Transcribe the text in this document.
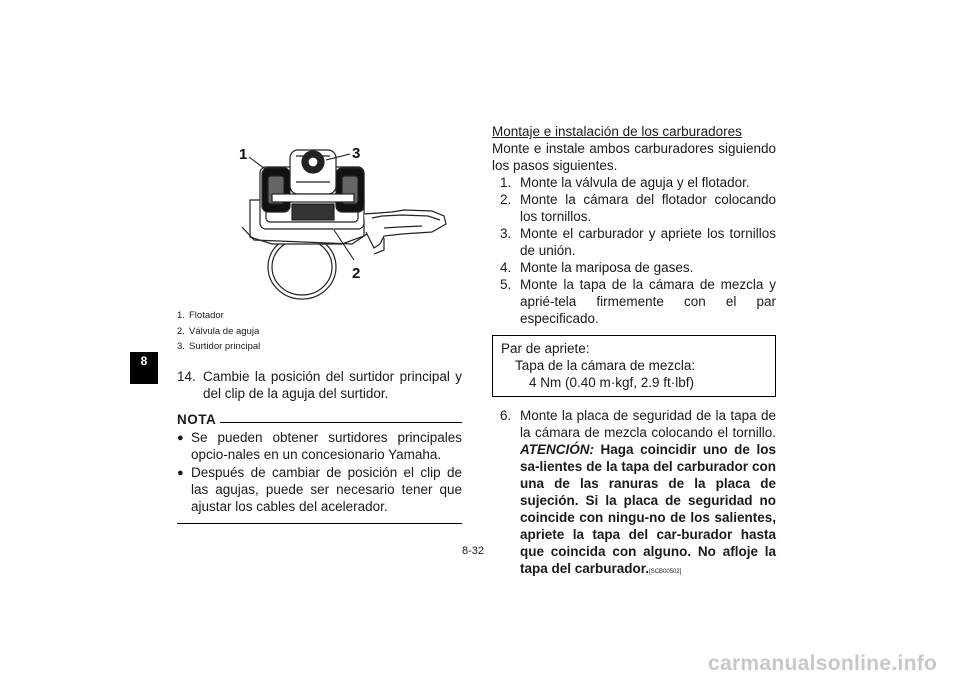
8
1	3
2
1. Flotador
2. Válvula de aguja
3. Surtidor principal
14. Cambie la posición del surtidor principal y del clip de la aguja del surtidor.
NOTA
● Se pueden obtener surtidores principales opcio-nales en un concesionario Yamaha.
● Después de cambiar de posición el clip de las agujas, puede ser necesario tener que ajustar los cables del acelerador.
Montaje e instalación de los carburadores
Monte e instale ambos carburadores siguiendo los pasos siguientes.
1. Monte la válvula de aguja y el flotador.
2. Monte la cámara del flotador colocando los tornillos.
3. Monte el carburador y apriete los tornillos de unión.
4. Monte la mariposa de gases.
5. Monte la tapa de la cámara de mezcla y aprié-tela firmemente con el par especificado.
Par de apriete:
Tapa de la cámara de mezcla:
4 Nm (0.40 m·kgf, 2.9 ft·lbf)
6. Monte la placa de seguridad de la tapa de la cámara de mezcla colocando el tornillo. ATENCIÓN: Haga coincidir uno de los sa-lientes de la tapa del carburador con una de las ranuras de la placa de sujeción. Si la placa de seguridad no coincide con ningu-no de los salientes, apriete la tapa del car-burador hasta que coincida con alguno. No afloje la tapa del carburador.[SCB00502]
8-32
carmanualsonline.info
